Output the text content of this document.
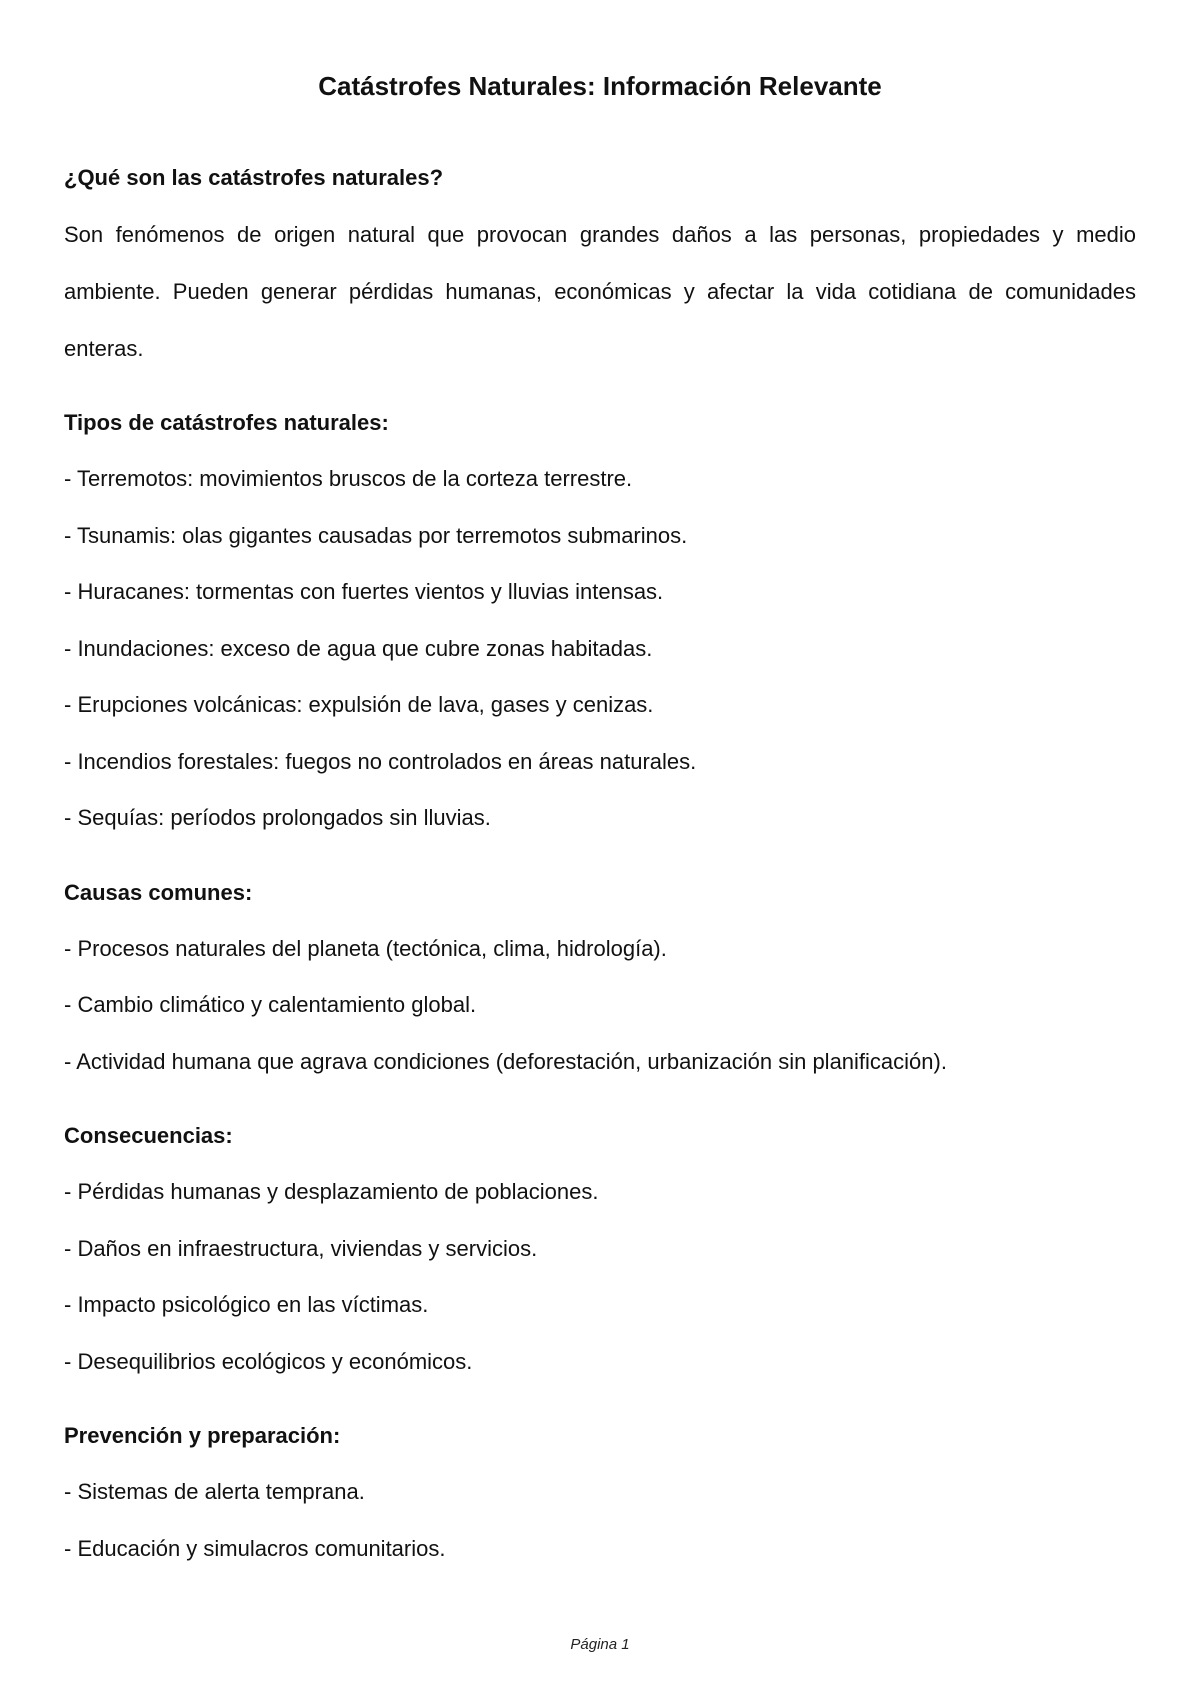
Catástrofes Naturales: Información Relevante
¿Qué son las catástrofes naturales?

Son fenómenos de origen natural que provocan grandes daños a las personas, propiedades y medio ambiente. Pueden generar pérdidas humanas, económicas y afectar la vida cotidiana de comunidades enteras.

Tipos de catástrofes naturales:
- Terremotos: movimientos bruscos de la corteza terrestre.
- Tsunamis: olas gigantes causadas por terremotos submarinos.
- Huracanes: tormentas con fuertes vientos y lluvias intensas.
- Inundaciones: exceso de agua que cubre zonas habitadas.
- Erupciones volcánicas: expulsión de lava, gases y cenizas.
- Incendios forestales: fuegos no controlados en áreas naturales.
- Sequías: períodos prolongados sin lluvias.
Causas comunes:
- Procesos naturales del planeta (tectónica, clima, hidrología).
- Cambio climático y calentamiento global.
- Actividad humana que agrava condiciones (deforestación, urbanización sin planificación).
Consecuencias:
- Pérdidas humanas y desplazamiento de poblaciones.
- Daños en infraestructura, viviendas y servicios.
- Impacto psicológico en las víctimas.
- Desequilibrios ecológicos y económicos.
Prevención y preparación:
- Sistemas de alerta temprana.
- Educación y simulacros comunitarios.
Página 1
